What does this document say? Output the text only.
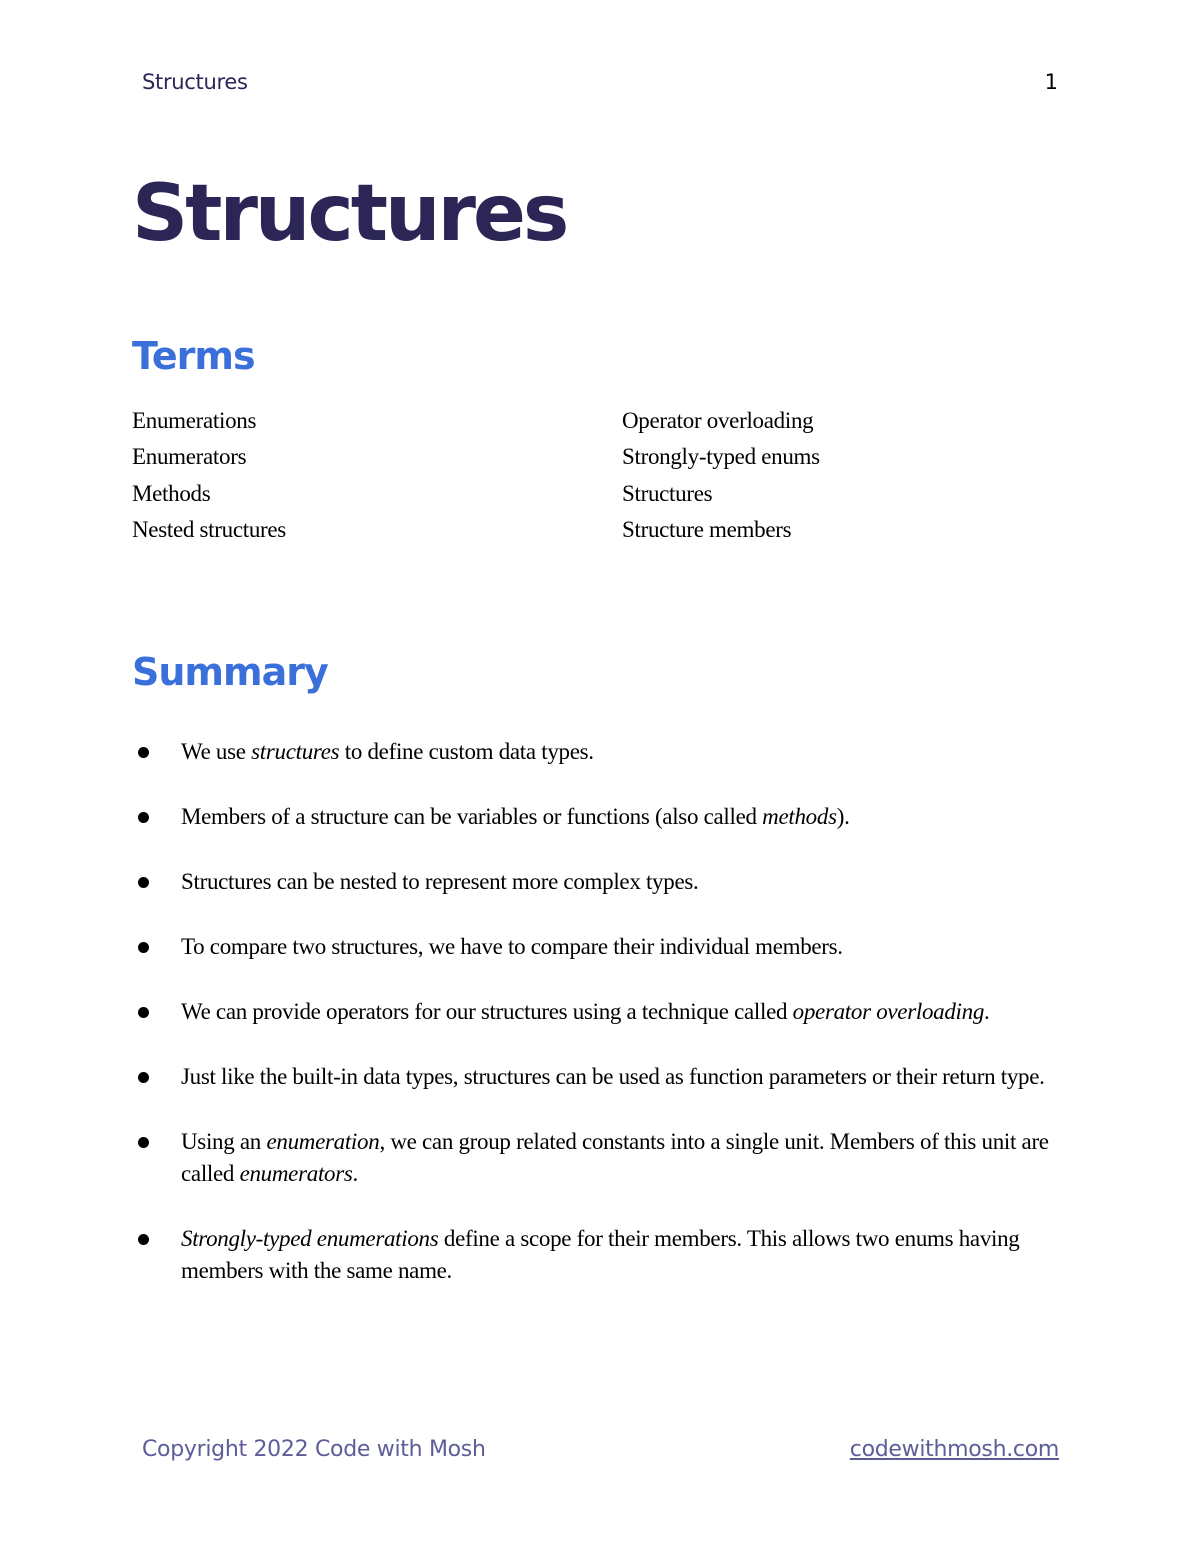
Structures	1
Structures
Terms
Enumerations
Enumerators
Methods
Nested structures
Operator overloading
Strongly-typed enums
Structures
Structure members
Summary
We use structures to define custom data types.
Members of a structure can be variables or functions (also called methods).
Structures can be nested to represent more complex types.
To compare two structures, we have to compare their individual members.
We can provide operators for our structures using a technique called operator overloading.
Just like the built-in data types, structures can be used as function parameters or their return type.
Using an enumeration, we can group related constants into a single unit. Members of this unit are called enumerators.
Strongly-typed enumerations define a scope for their members. This allows two enums having members with the same name.
Copyright 2022 Code with Mosh	codewithmosh.com
